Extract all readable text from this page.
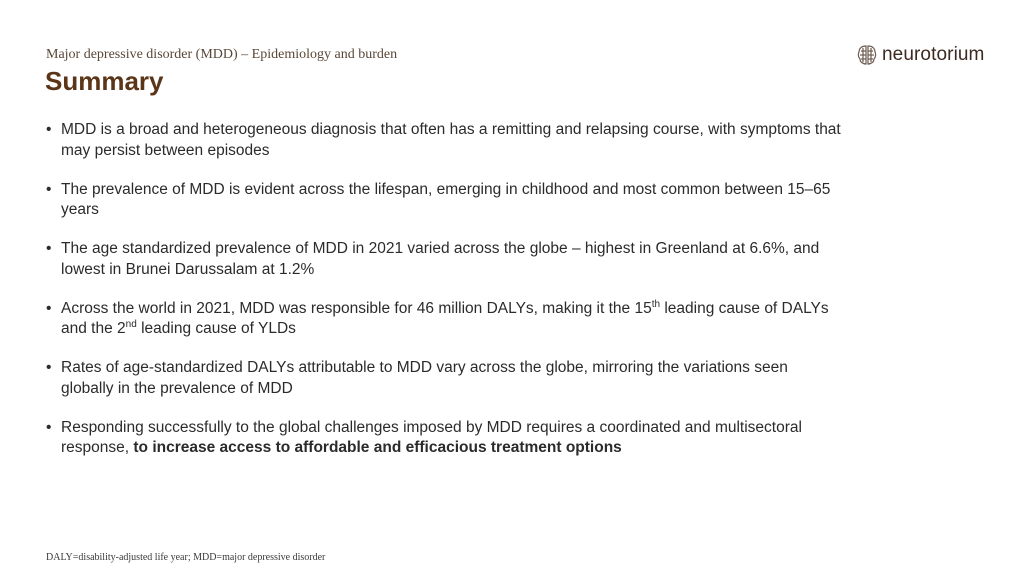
Major depressive disorder (MDD) – Epidemiology and burden
Summary
neurotorium
• MDD is a broad and heterogeneous diagnosis that often has a remitting and relapsing course, with symptoms that may persist between episodes
• The prevalence of MDD is evident across the lifespan, emerging in childhood and most common between 15–65 years
• The age standardized prevalence of MDD in 2021 varied across the globe – highest in Greenland at 6.6%, and lowest in Brunei Darussalam at 1.2%
• Across the world in 2021, MDD was responsible for 46 million DALYs, making it the 15th leading cause of DALYs and the 2nd leading cause of YLDs
• Rates of age-standardized DALYs attributable to MDD vary across the globe, mirroring the variations seen globally in the prevalence of MDD
• Responding successfully to the global challenges imposed by MDD requires a coordinated and multisectoral response, to increase access to affordable and efficacious treatment options
DALY=disability-adjusted life year; MDD=major depressive disorder
